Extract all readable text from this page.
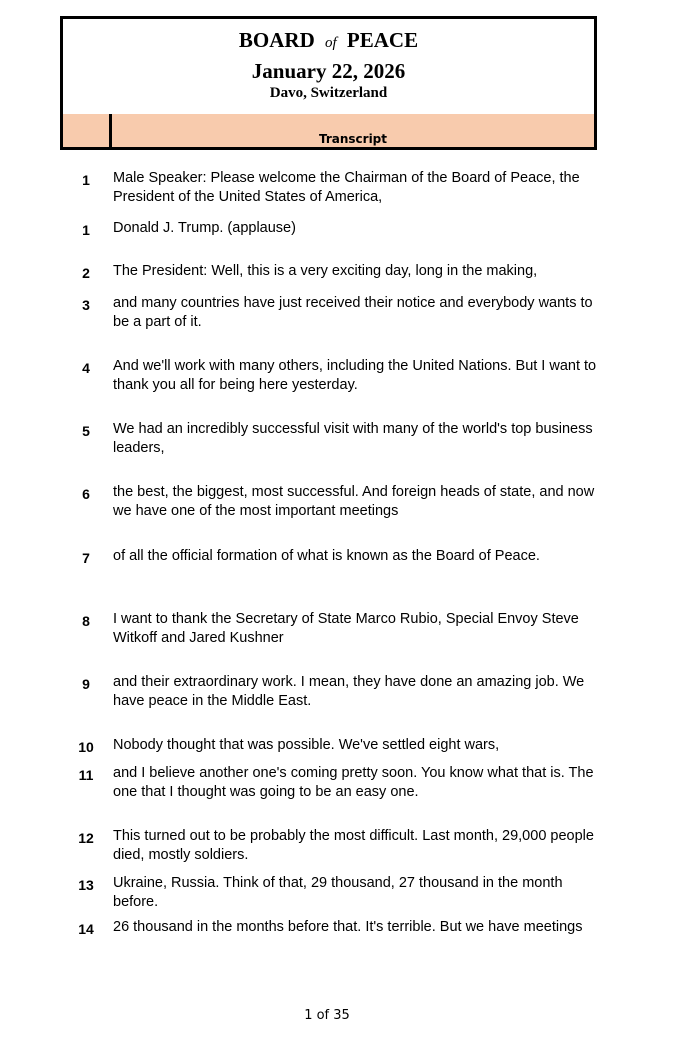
BOARD of PEACE
January 22, 2026
Davo, Switzerland
Transcript
1	Male Speaker: Please welcome the Chairman of the Board of Peace, the President of the United States of America,
1	Donald J. Trump. (applause)
2	The President: Well, this is a very exciting day, long in the making,
3	and many countries have just received their notice and everybody wants to be a part of it.
4	And we'll work with many others, including the United Nations. But I want to thank you all for being here yesterday.
5	We had an incredibly successful visit with many of the world's top business leaders,
6	the best, the biggest, most successful. And foreign heads of state, and now we have one of the most important meetings
7	of all the official formation of what is known as the Board of Peace.
8	I want to thank the Secretary of State Marco Rubio, Special Envoy Steve Witkoff and Jared Kushner
9	and their extraordinary work. I mean, they have done an amazing job. We have peace in the Middle East.
10	Nobody thought that was possible. We've settled eight wars,
11	and I believe another one's coming pretty soon. You know what that is. The one that I thought was going to be an easy one.
12	This turned out to be probably the most difficult. Last month, 29,000 people died, mostly soldiers.
13	Ukraine, Russia. Think of that, 29 thousand, 27 thousand in the month before.
14	26 thousand in the months before that. It's terrible. But we have meetings
1 of 35
